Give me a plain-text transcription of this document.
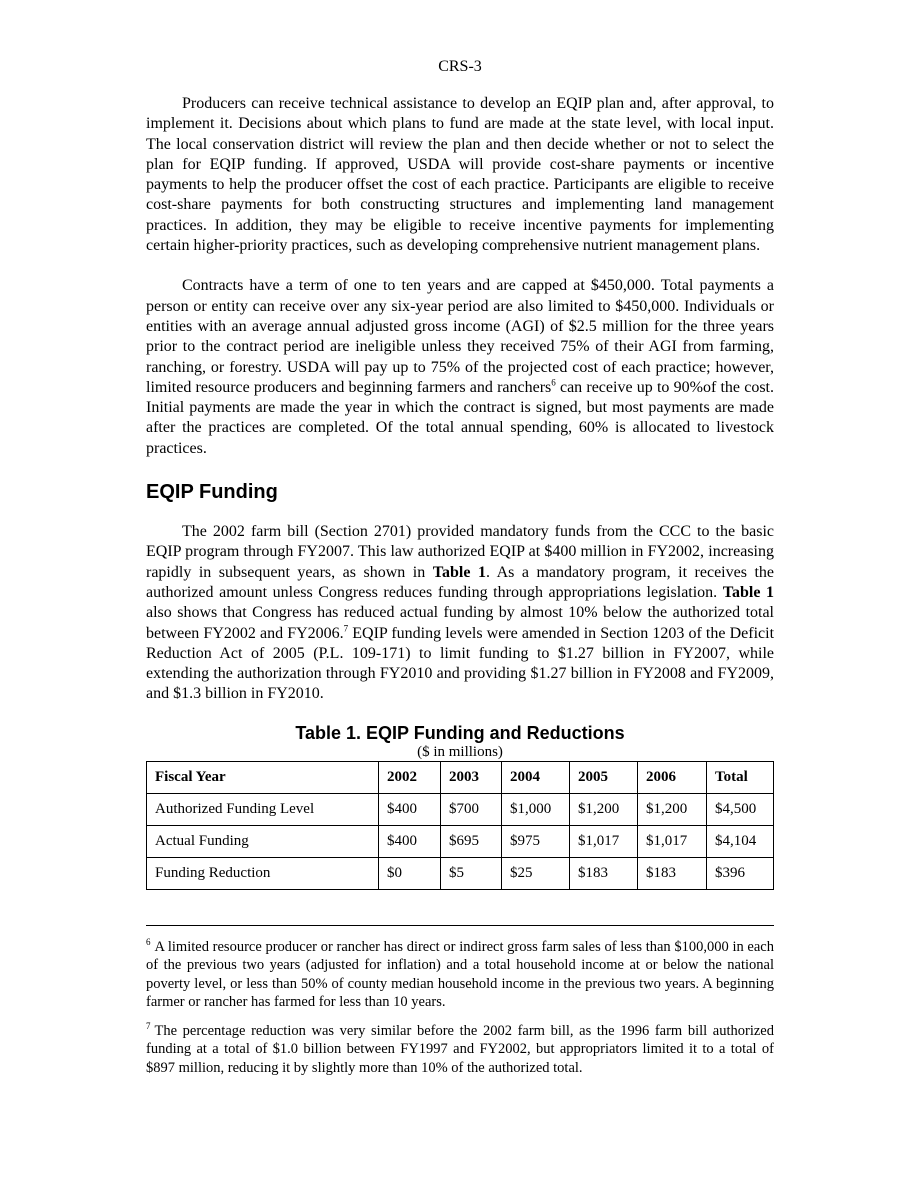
CRS-3

Producers can receive technical assistance to develop an EQIP plan and, after approval, to implement it. Decisions about which plans to fund are made at the state level, with local input. The local conservation district will review the plan and then decide whether or not to select the plan for EQIP funding. If approved, USDA will provide cost-share payments or incentive payments to help the producer offset the cost of each practice. Participants are eligible to receive cost-share payments for both constructing structures and implementing land management practices. In addition, they may be eligible to receive incentive payments for implementing certain higher-priority practices, such as developing comprehensive nutrient management plans.

Contracts have a term of one to ten years and are capped at $450,000. Total payments a person or entity can receive over any six-year period are also limited to $450,000. Individuals or entities with an average annual adjusted gross income (AGI) of $2.5 million for the three years prior to the contract period are ineligible unless they received 75% of their AGI from farming, ranching, or forestry. USDA will pay up to 75% of the projected cost of each practice; however, limited resource producers and beginning farmers and ranchers$^6$ can receive up to 90%of the cost. Initial payments are made the year in which the contract is signed, but most payments are made after the practices are completed. Of the total annual spending, 60% is allocated to livestock practices.

EQIP Funding

The 2002 farm bill (Section 2701) provided mandatory funds from the CCC to the basic EQIP program through FY2007. This law authorized EQIP at $400 million in FY2002, increasing rapidly in subsequent years, as shown in Table 1. As a mandatory program, it receives the authorized amount unless Congress reduces funding through appropriations legislation. Table 1 also shows that Congress has reduced actual funding by almost 10% below the authorized total between FY2002 and FY2006.$^7$ EQIP funding levels were amended in Section 1203 of the Deficit Reduction Act of 2005 (P.L. 109-171) to limit funding to $1.27 billion in FY2007, while extending the authorization through FY2010 and providing $1.27 billion in FY2008 and FY2009, and $1.3 billion in FY2010.

Table 1. EQIP Funding and Reductions
($ in millions)
Fiscal Year	2002	2003	2004	2005	2006	Total
Authorized Funding Level	$400	$700	$1,000	$1,200	$1,200	$4,500
Actual Funding	$400	$695	$975	$1,017	$1,017	$4,104
Funding Reduction	$0	$5	$25	$183	$183	$396

$^6$ A limited resource producer or rancher has direct or indirect gross farm sales of less than $100,000 in each of the previous two years (adjusted for inflation) and a total household income at or below the national poverty level, or less than 50% of county median household income in the previous two years. A beginning farmer or rancher has farmed for less than 10 years.

$^7$ The percentage reduction was very similar before the 2002 farm bill, as the 1996 farm bill authorized funding at a total of $1.0 billion between FY1997 and FY2002, but appropriators limited it to a total of $897 million, reducing it by slightly more than 10% of the authorized total.
